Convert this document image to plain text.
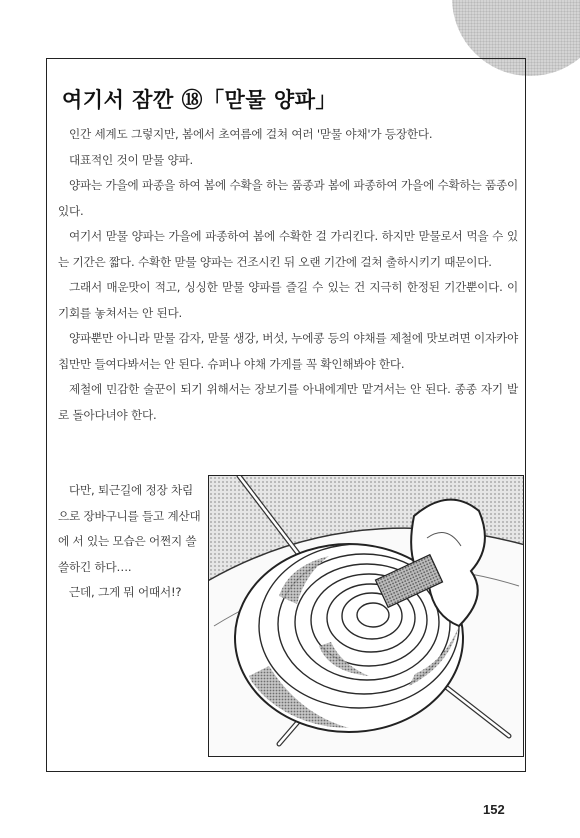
여기서 잠깐 ⑱「맏물 양파」

인간 세계도 그렇지만, 봄에서 초여름에 걸쳐 여러 '맏물 야채'가 등장한다.

대표적인 것이 맏물 양파.

양파는 가을에 파종을 하여 봄에 수확을 하는 품종과 봄에 파종하여 가을에 수확하는 품종이 있다.

여기서 맏물 양파는 가을에 파종하여 봄에 수확한 걸 가리킨다. 하지만 맏물로서 먹을 수 있는 기간은 짧다. 수확한 맏물 양파는 건조시킨 뒤 오랜 기간에 걸쳐 출하시키기 때문이다.

그래서 매운맛이 적고, 싱싱한 맏물 양파를 즐길 수 있는 건 지극히 한정된 기간뿐이다. 이 기회를 놓쳐서는 안 된다.

양파뿐만 아니라 맏물 감자, 맏물 생강, 버섯, 누에콩 등의 야채를 제철에 맛보려면 이자카야 칩만만 들여다봐서는 안 된다. 슈퍼나 야채 가게를 꼭 확인해봐야 한다.

제철에 민감한 술꾼이 되기 위해서는 장보기를 아내에게만 맡겨서는 안 된다. 종종 자기 발로 돌아다녀야 한다.

다만, 퇴근길에 정장 차림으로 장바구니를 들고 계산대에 서 있는 모습은 어쩐지 쓸쓸하긴 하다….

근데, 그게 뭐 어때서!?

152
